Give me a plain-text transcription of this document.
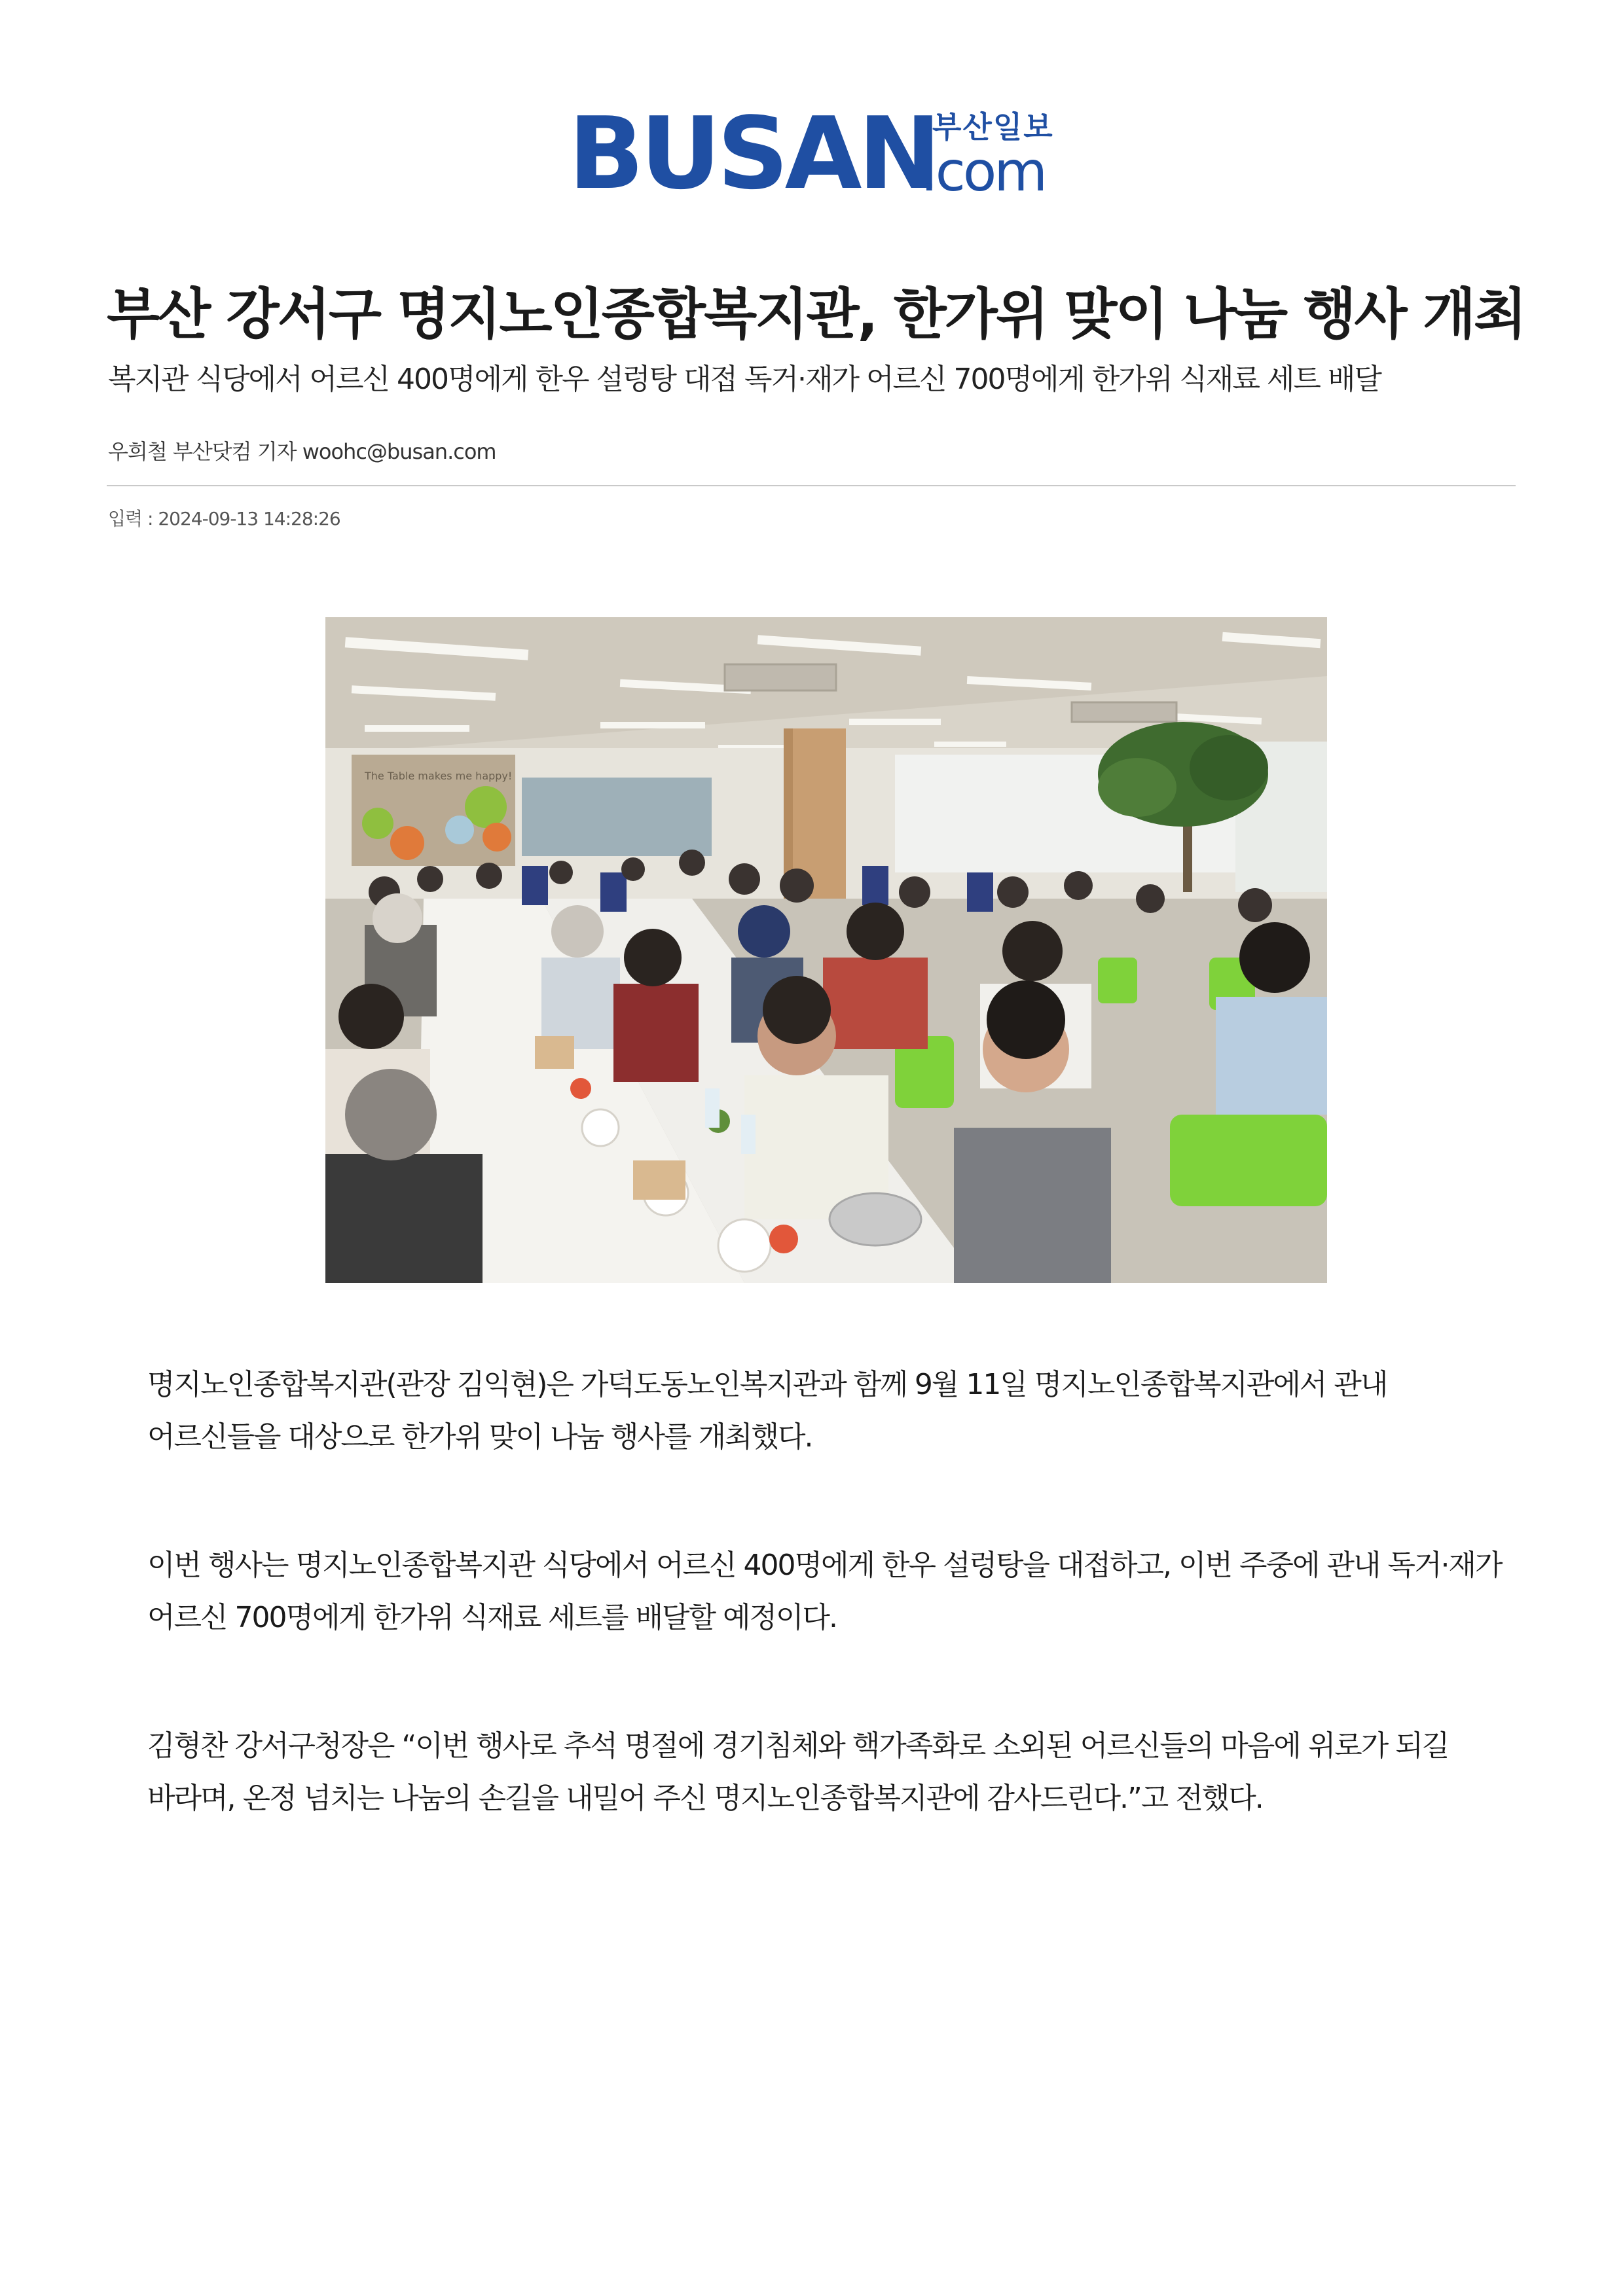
BUSAN
부산일보
.com
부산 강서구 명지노인종합복지관, 한가위 맞이 나눔 행사 개최
복지관 식당에서 어르신 400명에게 한우 설렁탕 대접 독거·재가 어르신 700명에게 한가위 식재료 세트 배달
우희철 부산닷컴 기자 woohc@busan.com
입력 : 2024-09-13 14:28:26
The Table makes me happy!

명지노인종합복지관(관장 김익현)은 가덕도동노인복지관과 함께 9월 11일 명지노인종합복지관에서 관내 어르신들을 대상으로 한가위 맞이 나눔 행사를 개최했다.

이번 행사는 명지노인종합복지관 식당에서 어르신 400명에게 한우 설렁탕을 대접하고, 이번 주중에 관내 독거·재가 어르신 700명에게 한가위 식재료 세트를 배달할 예정이다.

김형찬 강서구청장은 “이번 행사로 추석 명절에 경기침체와 핵가족화로 소외된 어르신들의 마음에 위로가 되길 바라며, 온정 넘치는 나눔의 손길을 내밀어 주신 명지노인종합복지관에 감사드린다.”고 전했다.
